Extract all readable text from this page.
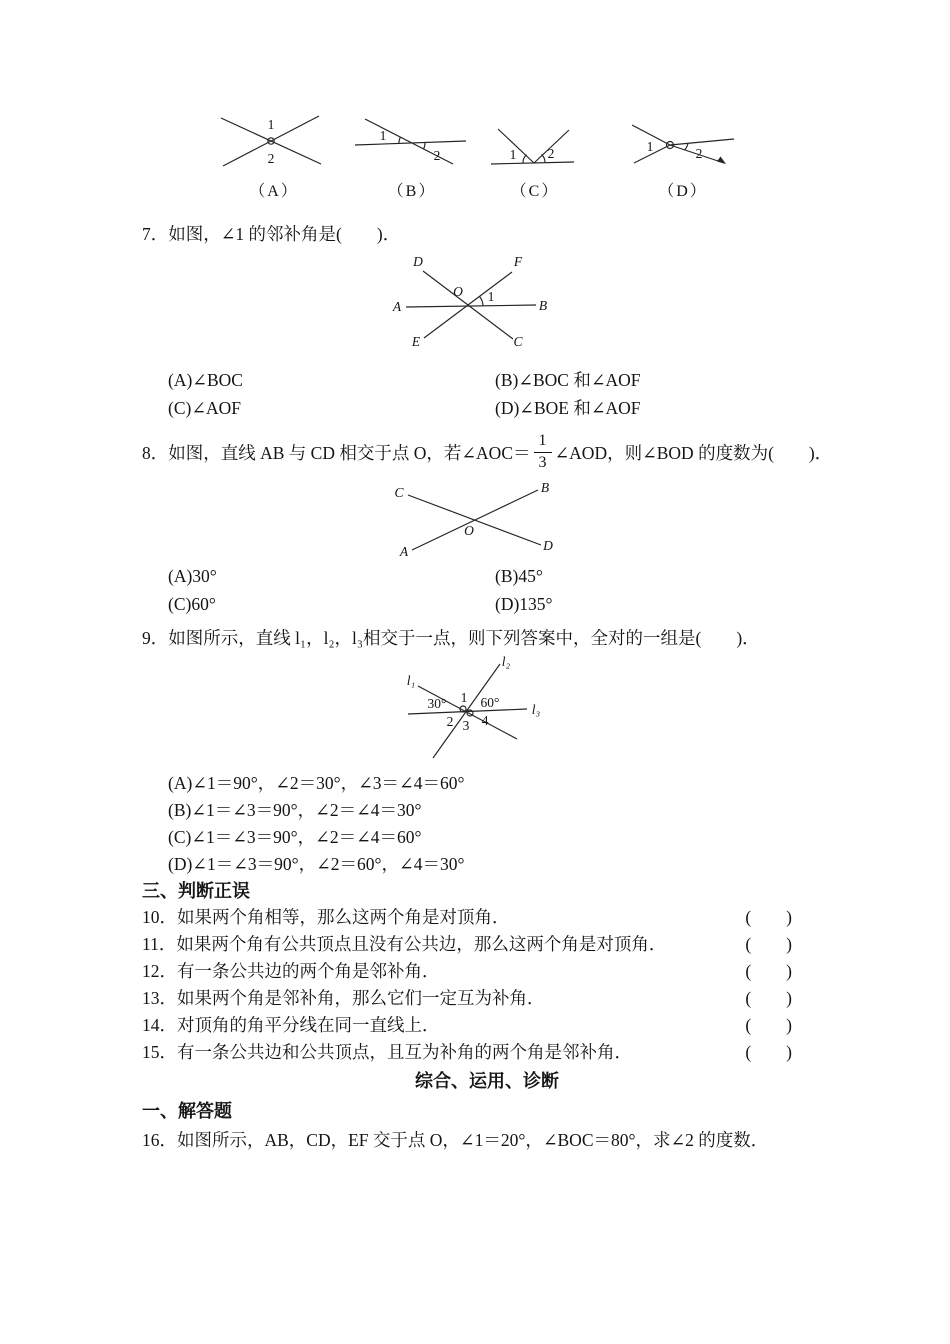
1
2
（A）
1
2
（B）
1 2
（C）
1	2
（D）
7．如图，∠1 的邻补角是(　　)．
A	B
D	F
E	C
O 1
(A)∠BOC	(B)∠BOC 和∠AOF
(C)∠AOF	(D)∠BOE 和∠AOF
8．如图，直线 AB 与 CD 相交于点 O，若∠AOC＝ $\frac{1}{3}$ ∠AOD，则∠BOD 的度数为(　　)．
C	B
A	D
O
(A)30°	(B)45°
(C)60°	(D)135°
9．如图所示，直线 l₁，l₂，l₃相交于一点，则下列答案中，全对的一组是(　　)．
l₁
l₂
l₃
30° 1 60°
2 3 4
(A)∠1＝90°，∠2＝30°，∠3＝∠4＝60°
(B)∠1＝∠3＝90°，∠2＝∠4＝30°
(C)∠1＝∠3＝90°，∠2＝∠4＝60°
(D)∠1＝∠3＝90°，∠2＝60°，∠4＝30°
三、判断正误
10．如果两个角相等，那么这两个角是对顶角．	(　　)
11．如果两个角有公共顶点且没有公共边，那么这两个角是对顶角．	(　　)
12．有一条公共边的两个角是邻补角．	(　　)
13．如果两个角是邻补角，那么它们一定互为补角．	(　　)
14．对顶角的角平分线在同一直线上．	(　　)
15．有一条公共边和公共顶点，且互为补角的两个角是邻补角．	(　　)
综合、运用、诊断
一、解答题
16．如图所示，AB，CD，EF 交于点 O，∠1＝20°，∠BOC＝80°，求∠2 的度数．
